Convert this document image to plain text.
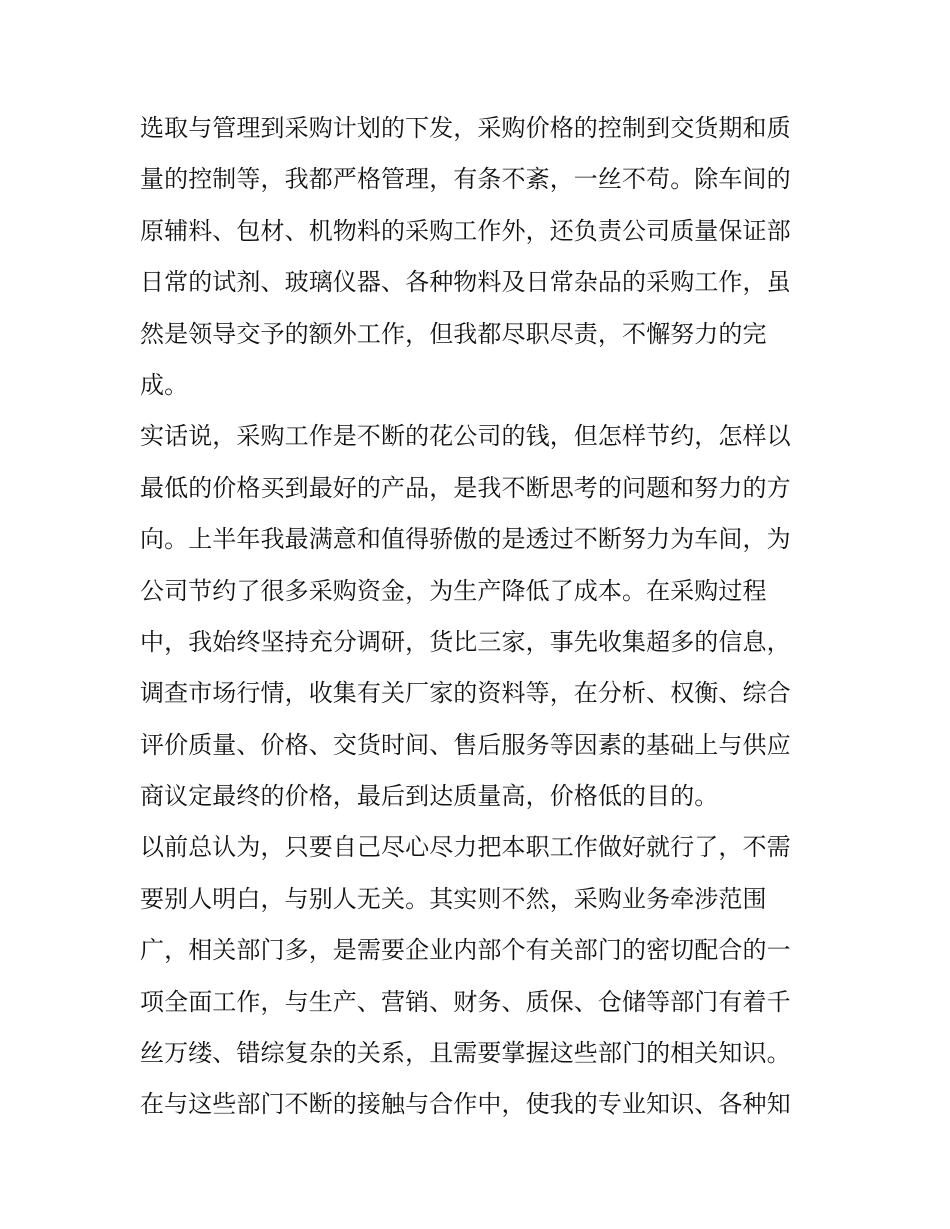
选取与管理到采购计划的下发，采购价格的控制到交货期和质
量的控制等，我都严格管理，有条不紊，一丝不苟。除车间的
原辅料、包材、机物料的采购工作外，还负责公司质量保证部
日常的试剂、玻璃仪器、各种物料及日常杂品的采购工作，虽
然是领导交予的额外工作，但我都尽职尽责，不懈努力的完
成。
实话说，采购工作是不断的花公司的钱，但怎样节约，怎样以
最低的价格买到最好的产品，是我不断思考的问题和努力的方
向。上半年我最满意和值得骄傲的是透过不断努力为车间，为
公司节约了很多采购资金，为生产降低了成本。在采购过程
中，我始终坚持充分调研，货比三家，事先收集超多的信息，
调查市场行情，收集有关厂家的资料等，在分析、权衡、综合
评价质量、价格、交货时间、售后服务等因素的基础上与供应
商议定最终的价格，最后到达质量高，价格低的目的。
以前总认为，只要自己尽心尽力把本职工作做好就行了，不需
要别人明白，与别人无关。其实则不然，采购业务牵涉范围
广，相关部门多，是需要企业内部个有关部门的密切配合的一
项全面工作，与生产、营销、财务、质保、仓储等部门有着千
丝万缕、错综复杂的关系，且需要掌握这些部门的相关知识。
在与这些部门不断的接触与合作中，使我的专业知识、各种知
